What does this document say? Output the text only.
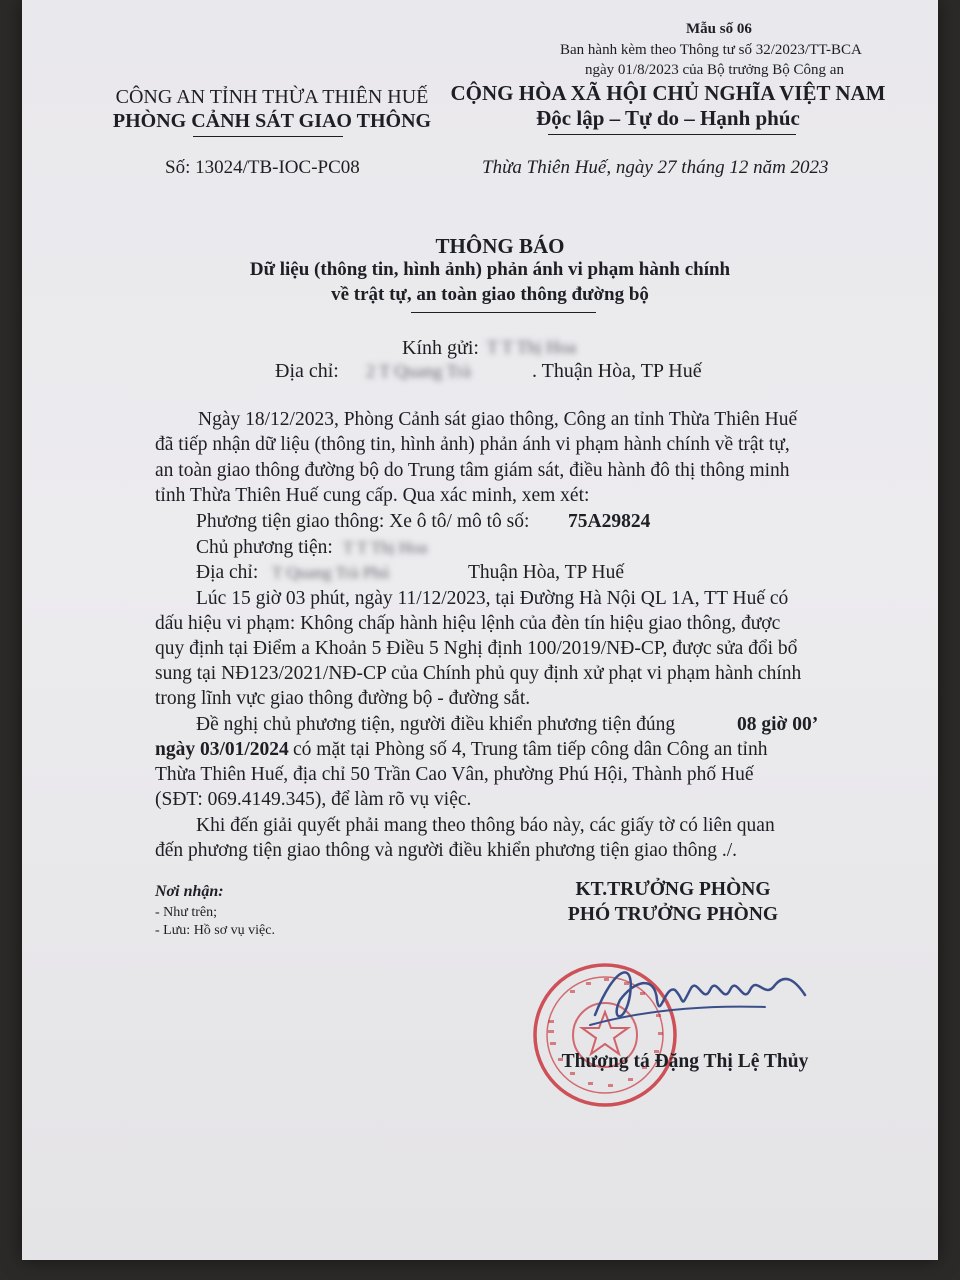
Mẫu số 06
Ban hành kèm theo Thông tư số 32/2023/TT-BCA
ngày 01/8/2023 của Bộ trưởng Bộ Công an
CÔNG AN TỈNH THỪA THIÊN HUẾ
PHÒNG CẢNH SÁT GIAO THÔNG
CỘNG HÒA XÃ HỘI CHỦ NGHĨA VIỆT NAM
Độc lập – Tự do – Hạnh phúc
Số: 13024/TB-IOC-PC08	Thừa Thiên Huế, ngày 27 tháng 12 năm 2023
THÔNG BÁO
Dữ liệu (thông tin, hình ảnh) phản ánh vi phạm hành chính
về trật tự, an toàn giao thông đường bộ
Kính gửi: T T Thị Hoa
Địa chỉ: 2 T Quang Trà	. Thuận Hòa, TP Huế
Ngày 18/12/2023, Phòng Cảnh sát giao thông, Công an tỉnh Thừa Thiên Huế
đã tiếp nhận dữ liệu (thông tin, hình ảnh) phản ánh vi phạm hành chính về trật tự,
an toàn giao thông đường bộ do Trung tâm giám sát, điều hành đô thị thông minh
tỉnh Thừa Thiên Huế cung cấp. Qua xác minh, xem xét:
Phương tiện giao thông: Xe ô tô/ mô tô số: 75A29824
Chủ phương tiện: T T Thị Hoa
Địa chỉ: T Quang Trà Phú	Thuận Hòa, TP Huế
Lúc 15 giờ 03 phút, ngày 11/12/2023, tại Đường Hà Nội QL 1A, TT Huế có
dấu hiệu vi phạm: Không chấp hành hiệu lệnh của đèn tín hiệu giao thông, được
quy định tại Điểm a Khoản 5 Điều 5 Nghị định 100/2019/NĐ-CP, được sửa đổi bổ
sung tại NĐ123/2021/NĐ-CP của Chính phủ quy định xử phạt vi phạm hành chính
trong lĩnh vực giao thông đường bộ - đường sắt.
Đề nghị chủ phương tiện, người điều khiển phương tiện đúng	08 giờ 00’
ngày 03/01/2024 có mặt tại Phòng số 4, Trung tâm tiếp công dân Công an tỉnh
Thừa Thiên Huế, địa chỉ 50 Trần Cao Vân, phường Phú Hội, Thành phố Huế
(SĐT: 069.4149.345), để làm rõ vụ việc.
Khi đến giải quyết phải mang theo thông báo này, các giấy tờ có liên quan
đến phương tiện giao thông và người điều khiển phương tiện giao thông ./.
Nơi nhận:
- Như trên;
- Lưu: Hồ sơ vụ việc.
KT.TRƯỞNG PHÒNG
PHÓ TRƯỞNG PHÒNG
Thượng tá Đặng Thị Lệ Thủy
